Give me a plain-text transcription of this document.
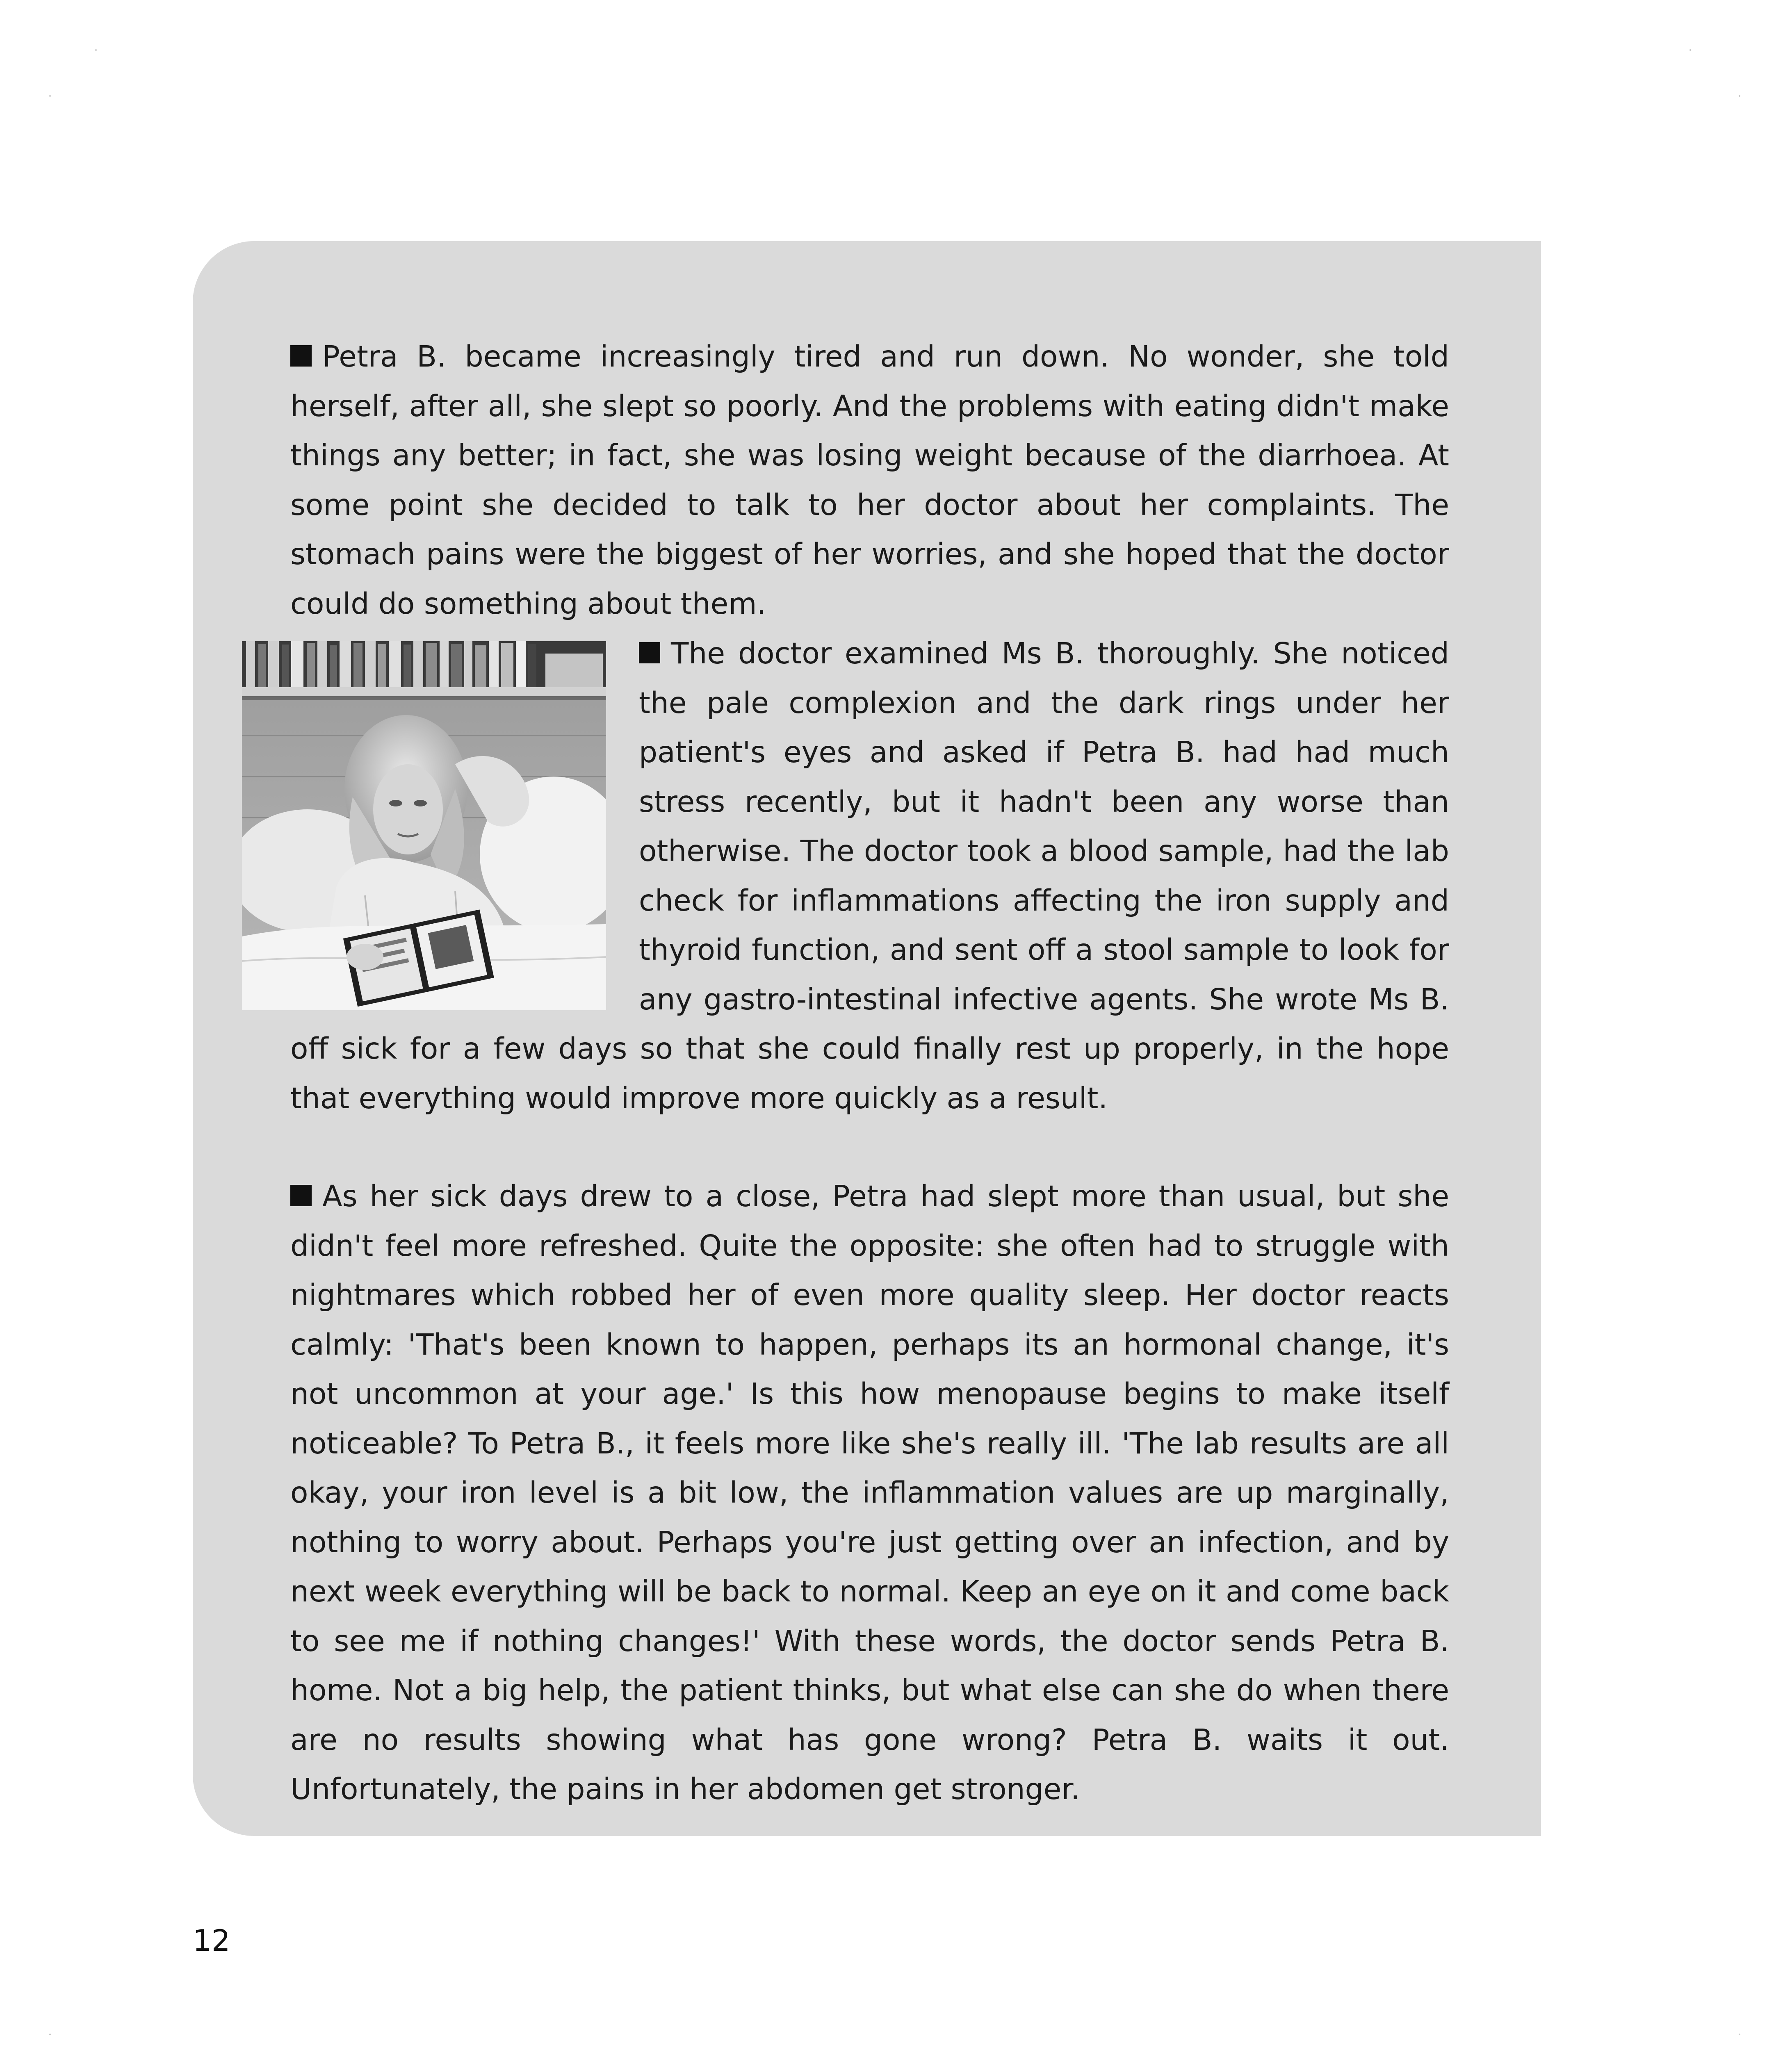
Petra B. became increasingly tired and run down. No wonder, she told herself, after all, she slept so poorly. And the problems with eating didn't make things any better; in fact, she was losing weight because of the diarrhoea. At some point she decided to talk to her doctor about her complaints. The stomach pains were the biggest of her worries, and she hoped that the doctor could do something about them.

The doctor examined Ms B. thoroughly. She noticed the pale complexion and the dark rings under her patient's eyes and asked if Petra B. had had much stress recently, but it hadn't been any worse than otherwise. The doctor took a blood sample, had the lab check for inflammations affecting the iron supply and thyroid function, and sent off a stool sample to look for any gastro-intestinal infective agents. She wrote Ms B. off sick for a few days so that she could finally rest up properly, in the hope that everything would improve more quickly as a result.

As her sick days drew to a close, Petra had slept more than usual, but she didn't feel more refreshed. Quite the opposite: she often had to struggle with nightmares which robbed her of even more quality sleep. Her doctor reacts calmly: 'That's been known to happen, perhaps its an hormonal change, it's not uncommon at your age.' Is this how menopause begins to make itself noticeable? To Petra B., it feels more like she's really ill. 'The lab results are all okay, your iron level is a bit low, the inflammation values are up marginally, nothing to worry about. Perhaps you're just getting over an infection, and by next week everything will be back to normal. Keep an eye on it and come back to see me if nothing changes!' With these words, the doctor sends Petra B. home. Not a big help, the patient thinks, but what else can she do when there are no results showing what has gone wrong? Petra B. waits it out. Unfortunately, the pains in her abdomen get stronger.

12
